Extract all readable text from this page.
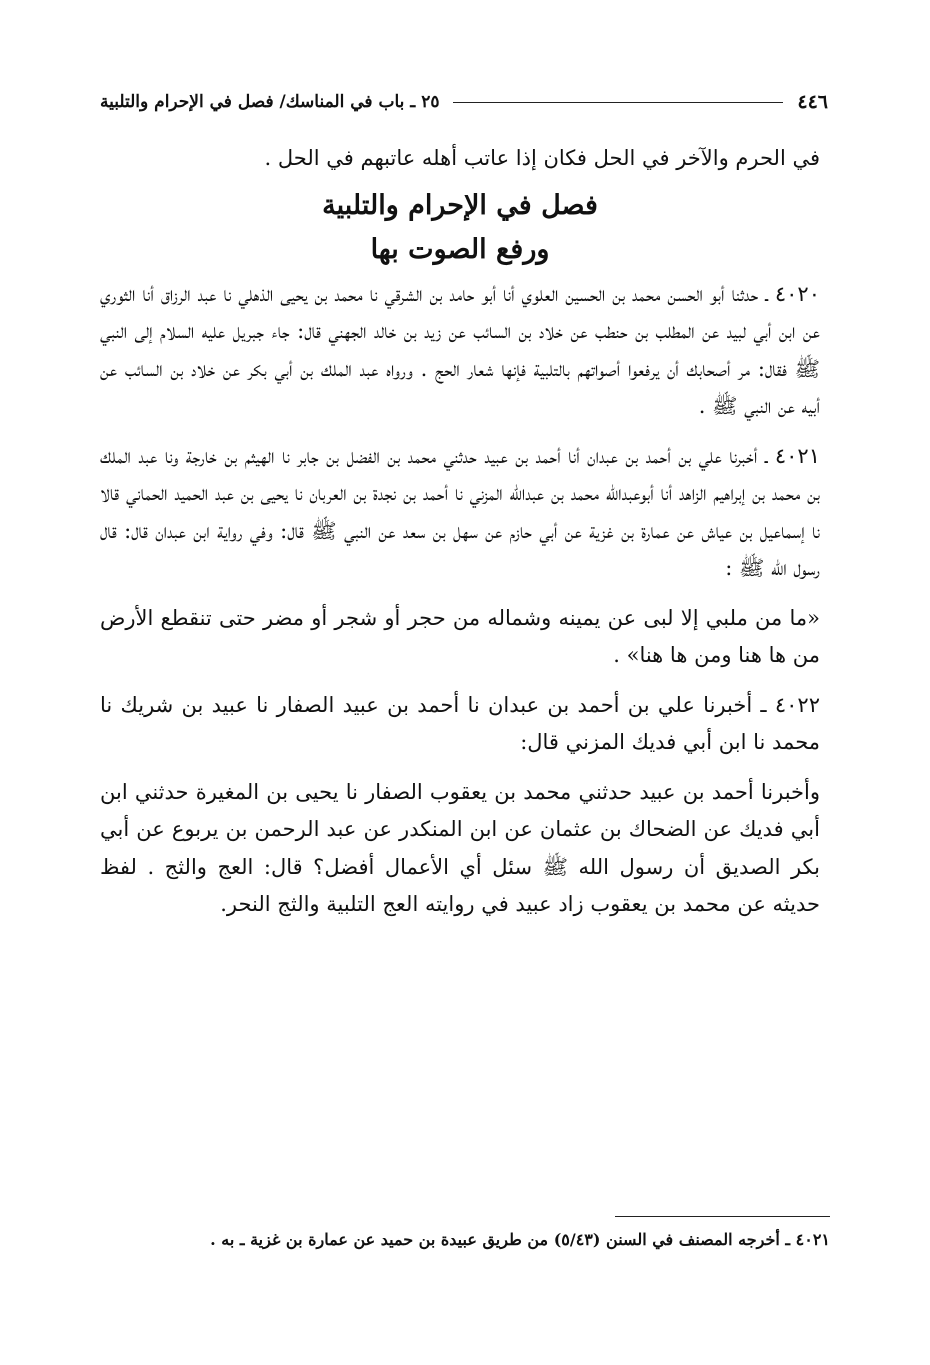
٤٤٦
٢٥ ـ باب في المناسك/ فصل في الإحرام والتلبية

في الحرم والآخر في الحل فكان إذا عاتب أهله عاتبهم في الحل .

فصل في الإحرام والتلبية
ورفع الصوت بها

٤٠٢٠ ـ حدثنا أبو الحسن محمد بن الحسين العلوي أنا أبو حامد بن الشرقي نا محمد بن يحيى الذهلي نا عبد الرزاق أنا الثوري عن ابن أبي لبيد عن المطلب بن حنطب عن خلاد بن السائب عن زيد بن خالد الجهني قال: جاء جبريل عليه السلام إلى النبي ﷺ فقال: مر أصحابك أن يرفعوا أصواتهم بالتلبية فإنها شعار الحج . ورواه عبد الملك بن أبي بكر عن خلاد بن السائب عن أبيه عن النبي ﷺ .

٤٠٢١ ـ أخبرنا علي بن أحمد بن عبدان أنا أحمد بن عبيد حدثني محمد بن الفضل بن جابر نا الهيثم بن خارجة ونا عبد الملك بن محمد بن إبراهيم الزاهد أنا أبوعبدالله محمد بن عبدالله المزني نا أحمد بن نجدة بن العربان نا يحيى بن عبد الحميد الحماني قالا نا إسماعيل بن عياش عن عمارة بن غزية عن أبي حازم عن سهل بن سعد عن النبي ﷺ قال: وفي رواية ابن عبدان قال: قال رسول الله ﷺ :

«ما من ملبي إلا لبى عن يمينه وشماله من حجر أو شجر أو مضر حتى تنقطع الأرض من ها هنا ومن ها هنا» .

٤٠٢٢ ـ أخبرنا علي بن أحمد بن عبدان نا أحمد بن عبيد الصفار نا عبيد بن شريك نا محمد نا ابن أبي فديك المزني قال:

وأخبرنا أحمد بن عبيد حدثني محمد بن يعقوب الصفار نا يحيى بن المغيرة حدثني ابن أبي فديك عن الضحاك بن عثمان عن ابن المنكدر عن عبد الرحمن بن يربوع عن أبي بكر الصديق أن رسول الله ﷺ سئل أي الأعمال أفضل؟ قال: العج والثج . لفظ حديثه عن محمد بن يعقوب زاد عبيد في روايته العج التلبية والثج النحر.

٤٠٢١ ـ أخرجه المصنف في السنن (٥/٤٣) من طريق عبيدة بن حميد عن عمارة بن غزية ـ به .
